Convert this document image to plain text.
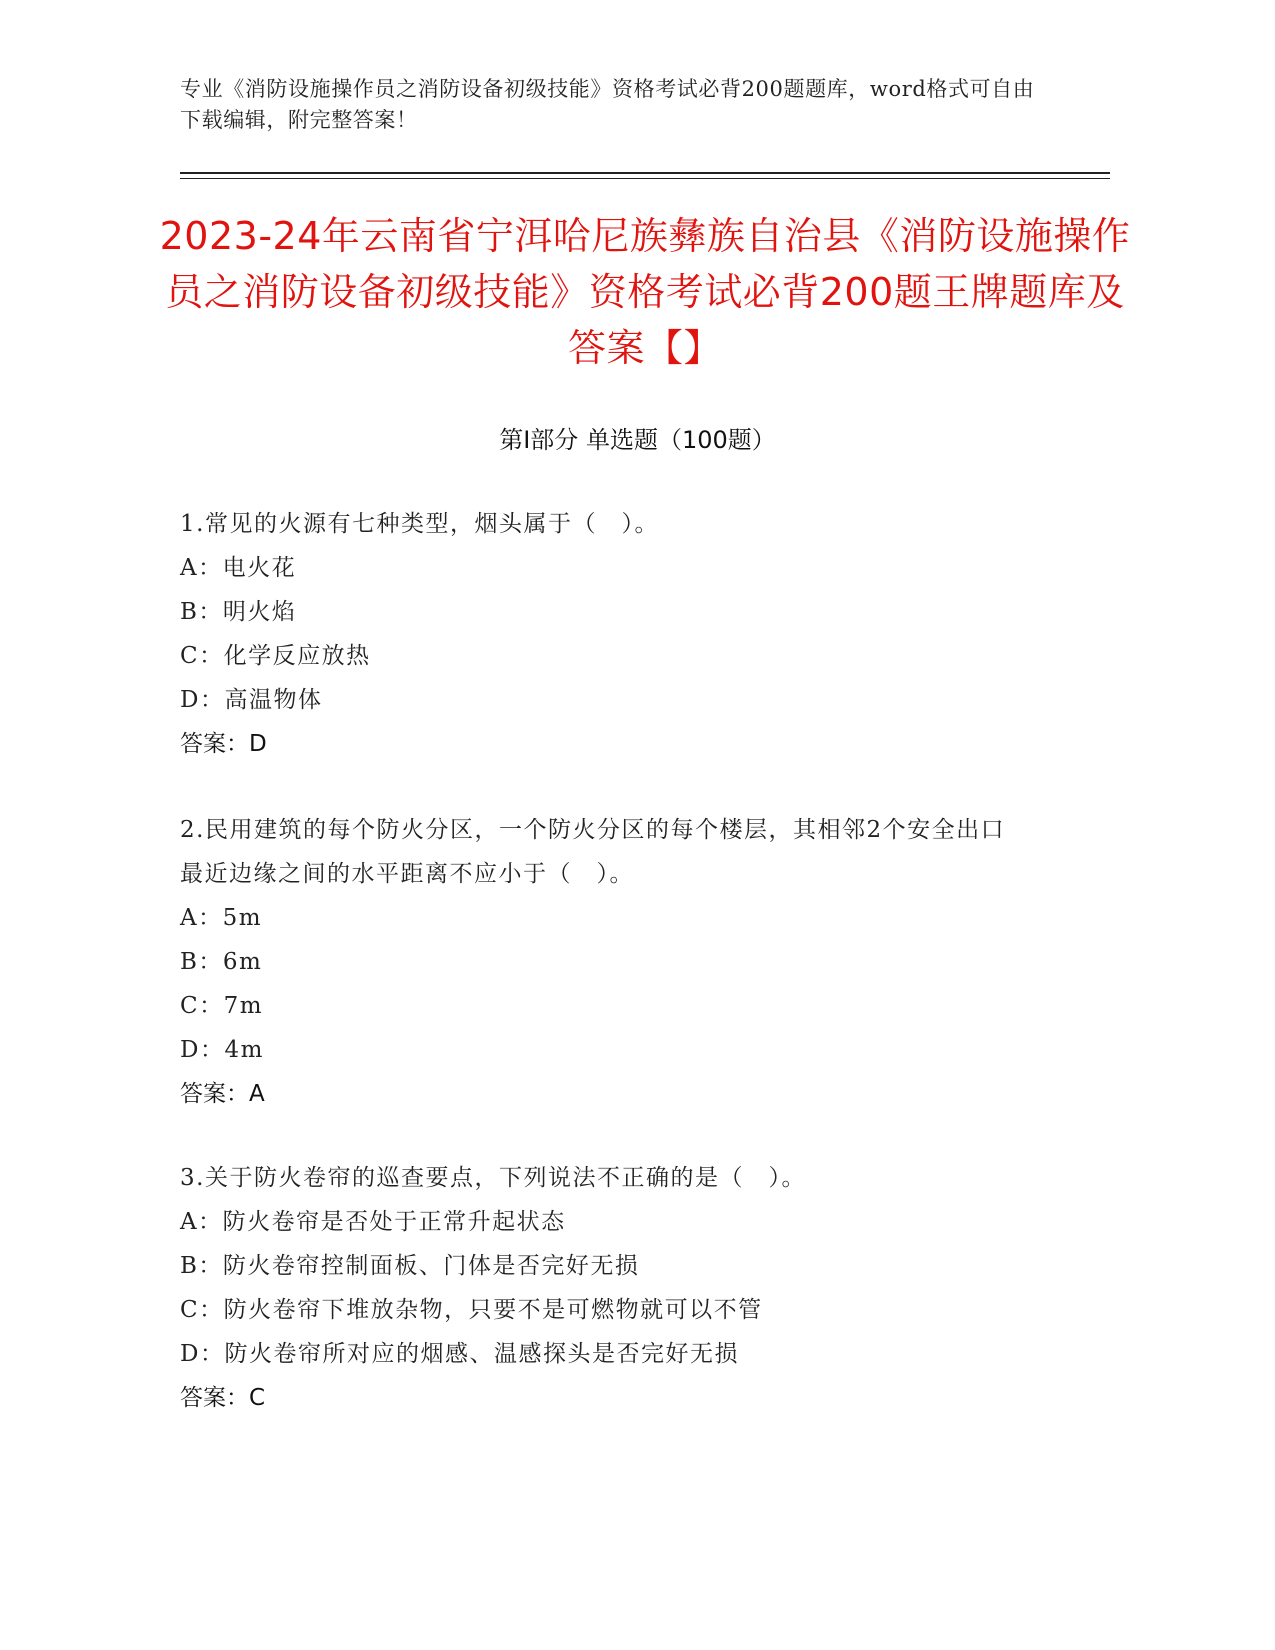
专业《消防设施操作员之消防设备初级技能》资格考试必背200题题库，word格式可自由下载编辑，附完整答案！
2023-24年云南省宁洱哈尼族彝族自治县《消防设施操作员之消防设备初级技能》资格考试必背200题王牌题库及答案【】
第I部分 单选题（100题）
1.常见的火源有七种类型，烟头属于（　）。
A：电火花
B：明火焰
C：化学反应放热
D：高温物体
答案：D
2.民用建筑的每个防火分区，一个防火分区的每个楼层，其相邻2个安全出口最近边缘之间的水平距离不应小于（　）。
A：5m
B：6m
C：7m
D：4m
答案：A
3.关于防火卷帘的巡查要点，下列说法不正确的是（　）。
A：防火卷帘是否处于正常升起状态
B：防火卷帘控制面板、门体是否完好无损
C：防火卷帘下堆放杂物，只要不是可燃物就可以不管
D：防火卷帘所对应的烟感、温感探头是否完好无损
答案：C
